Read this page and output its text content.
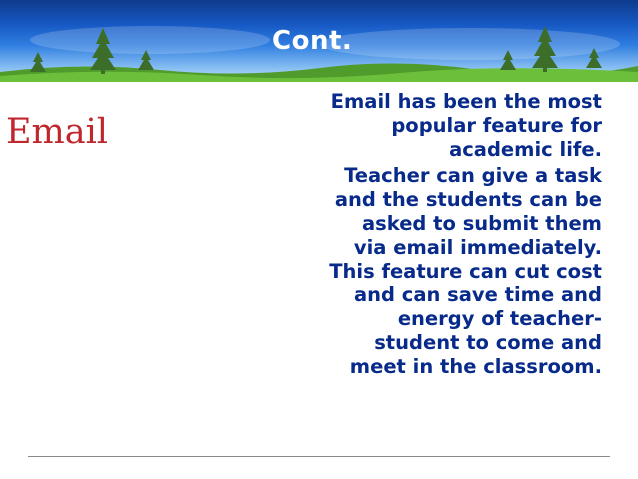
Cont.
Email

Email has been the most
popular feature for
academic life.

Teacher can give a task
and the students can be
asked to submit them
via email immediately.
This feature can cut cost
and can save time and
energy of teacher-
student to come and
meet in the classroom.
